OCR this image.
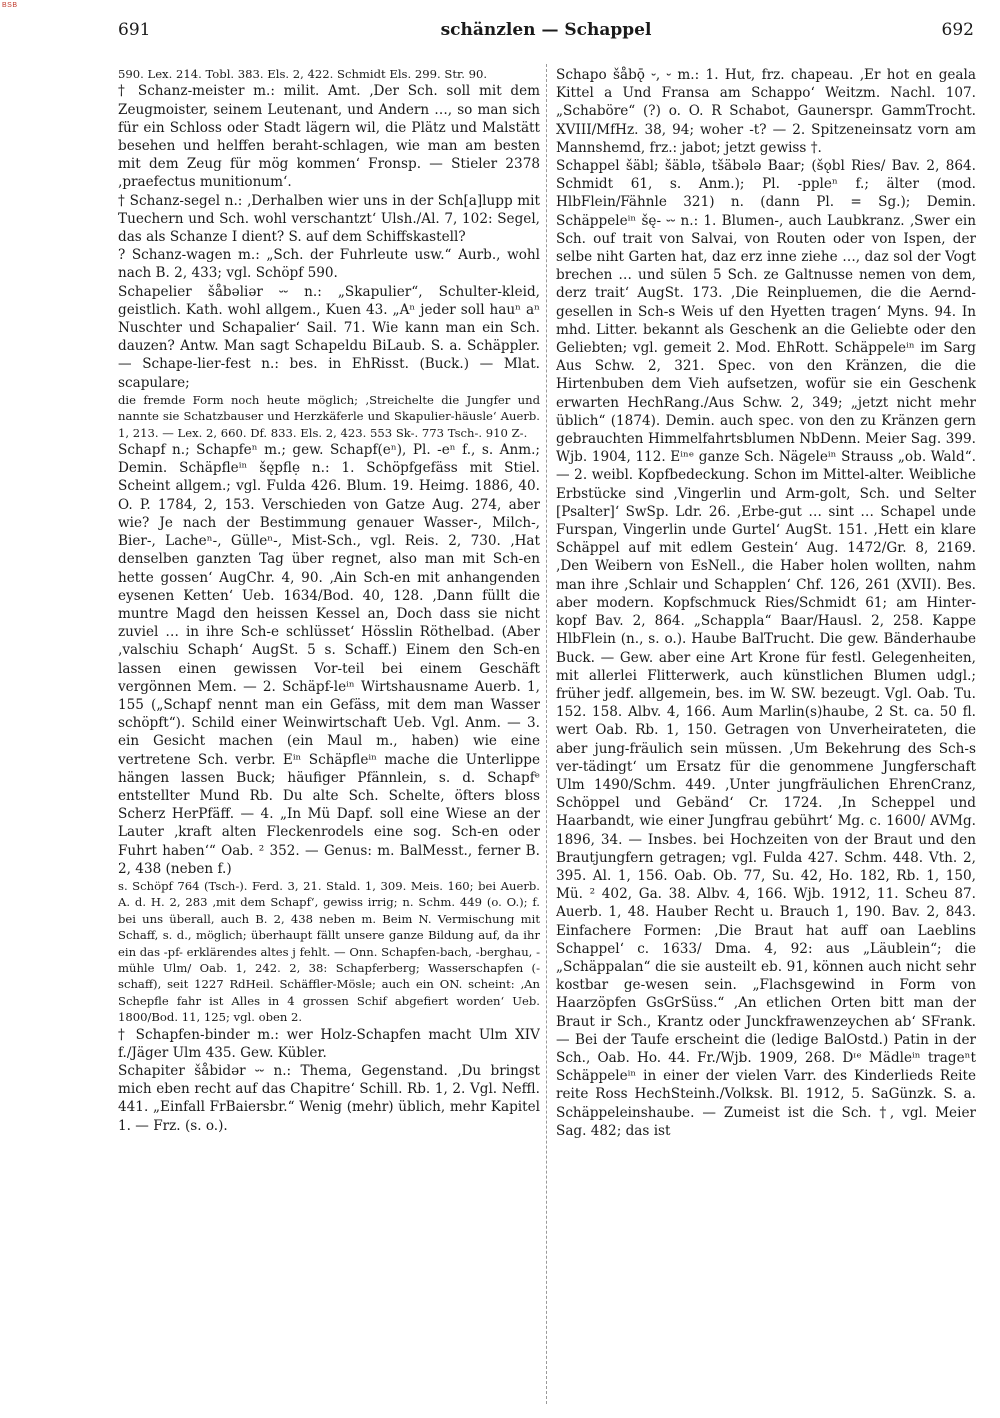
BSB
691	schänzlen — Schappel	692

590. Lex. 214. Tobl. 383. Els. 2, 422. Schmidt Els. 299. Str. 90.

† Schanz-meister m.: milit. Amt. ‚Der Sch. soll mit dem Zeugmoister, seinem Leutenant, und Andern …, so man sich für ein Schloss oder Stadt lägern wil, die Plätz und Malstätt besehen und helffen beraht-schlagen, wie man am besten mit dem Zeug für mög kommen‘ Fronsp. — Stieler 2378 ‚praefectus munitionum‘.

† Schanz-segel n.: ‚Derhalben wier uns in der Sch[a]lupp mit Tuechern und Sch. wohl verschantzt‘ Ulsh./Al. 7, 102: Segel, das als Schanze I dient? S. auf dem Schiffskastell?

? Schanz-wagen m.: „Sch. der Fuhrleute usw.“ Aurb., wohl nach B. 2, 433; vgl. Schöpf 590.

Schapelier šåbəliər ⏑⏑ n.: „Skapulier“, Schulter-kleid, geistlich. Kath. wohl allgem., Kuen 43. „Aⁿ jeder soll hauⁿ aⁿ Nuschter und Schapalier‘ Sail. 71. Wie kann man ein Sch. dauzen? Antw. Man sagt Schapeldu BiLaub. S. a. Schäppler. — Schape-lier-fest n.: bes. in EhRisst. (Buck.) — Mlat. scapulare;

die fremde Form noch heute möglich; ‚Streichelte die Jungfer und nannte sie Schatzbauser und Herzkäferle und Skapulier-häusle‘ Auerb. 1, 213. — Lex. 2, 660. Df. 833. Els. 2, 423. 553 Sk-. 773 Tsch-. 910 Z-.

Schapf n.; Schapfeⁿ m.; gew. Schapf(eⁿ), Pl. -eⁿ f., s. Anm.; Demin. Schäpfleⁱⁿ šępflẹ n.: 1. Schöpfgefäss mit Stiel. Scheint allgem.; vgl. Fulda 426. Blum. 19. Heimg. 1886, 40. O. P. 1784, 2, 153. Verschieden von Gatze Aug. 274, aber wie? Je nach der Bestimmung genauer Wasser-, Milch-, Bier-, Lacheⁿ-, Gülleⁿ-, Mist-Sch., vgl. Reis. 2, 730. ‚Hat denselben ganzten Tag über regnet, also man mit Sch-en hette gossen‘ AugChr. 4, 90. ‚Ain Sch-en mit anhangenden eysenen Ketten‘ Ueb. 1634/Bod. 40, 128. ‚Dann füllt die muntre Magd den heissen Kessel an, Doch dass sie nicht zuviel … in ihre Sch-e schlüsset‘ Hösslin Röthelbad. (Aber ‚valschiu Schaph‘ AugSt. 5 s. Schaff.) Einem den Sch-en lassen einen gewissen Vor-teil bei einem Geschäft vergönnen Mem. — 2. Schäpf-leⁱⁿ Wirtshausname Auerb. 1, 155 („Schapf nennt man ein Gefäss, mit dem man Wasser schöpft“). Schild einer Weinwirtschaft Ueb. Vgl. Anm. — 3. ein Gesicht machen (ein Maul m., haben) wie eine vertretene Sch. verbr. Eⁱⁿ Schäpfleⁱⁿ mache die Unterlippe hängen lassen Buck; häufiger Pfännlein, s. d. Schapfᵉ entstellter Mund Rb. Du alte Sch. Schelte, öfters bloss Scherz HerPfäff. — 4. „In Mü Dapf. soll eine Wiese an der Lauter ‚kraft alten Fleckenrodels eine sog. Sch-en oder Fuhrt haben‘“ Oab. ² 352. — Genus: m. BalMesst., ferner B. 2, 438 (neben f.)

s. Schöpf 764 (Tsch-). Ferd. 3, 21. Stald. 1, 309. Meis. 160; bei Auerb. A. d. H. 2, 283 ‚mit dem Schapf‘, gewiss irrig; n. Schm. 449 (o. O.); f. bei uns überall, auch B. 2, 438 neben m. Beim N. Vermischung mit Schaff, s. d., möglich; überhaupt fällt unsere ganze Bildung auf, da ihr ein das -pf- erklärendes altes j fehlt. — Onn. Schapfen-bach, -berghau, -mühle Ulm/ Oab. 1, 242. 2, 38: Schapferberg; Wasserschapfen (-schaff), seit 1227 RdHeil. Schäffler-Mösle; auch ein ON. scheint: ‚An Schepfle fahr ist Alles in 4 grossen Schif abgefiert worden‘ Ueb. 1800/Bod. 11, 125; vgl. oben 2.

† Schapfen-binder m.: wer Holz-Schapfen macht Ulm XIV f./Jäger Ulm 435. Gew. Kübler.

Schapiter šåbidər ⏑⏑ n.: Thema, Gegenstand. ‚Du bringst mich eben recht auf das Chapitre‘ Schill. Rb. 1, 2. Vgl. Neffl. 441. „Einfall FrBaiersbr.“ Wenig (mehr) üblich, mehr Kapitel 1. — Frz. (s. o.).

Schapo šåbǭ ⏑, ⏑ m.: 1. Hut, frz. chapeau. ‚Er hot en geala Kittel a Und Fransa am Schappo‘ Weitzm. Nachl. 107. „Schaböre“ (?) o. O. R Schabot, Gaunerspr. GammTrocht. XVIII/MfHz. 38, 94; woher -t? — 2. Spitzeneinsatz vorn am Mannshemd, frz.: jabot; jetzt gewiss †.

Schappel šäbl; šäblə, tšäbələ Baar; (šǫbl Ries/ Bav. 2, 864. Schmidt 61, s. Anm.); Pl. -ppleⁿ f.; älter (mod. HlbFlein/Fähnle 321) n. (dann Pl. = Sg.); Demin. Schäppeleⁱⁿ šę- ⏑⏑ n.: 1. Blumen-, auch Laubkranz. ‚Swer ein Sch. ouf trait von Salvai, von Routen oder von Ispen, der selbe niht Garten hat, daz erz inne ziehe …, daz sol der Vogt brechen … und sülen 5 Sch. ze Galtnusse nemen von dem, derz trait‘ AugSt. 173. ‚Die Reinpluemen, die die Aernd-gesellen in Sch-s Weis uf den Hyetten tragen‘ Myns. 94. In mhd. Litter. bekannt als Geschenk an die Geliebte oder den Geliebten; vgl. gemeit 2. Mod. EhRott. Schäppeleⁱⁿ im Sarg Aus Schw. 2, 321. Spec. von den Kränzen, die die Hirtenbuben dem Vieh aufsetzen, wofür sie ein Geschenk erwarten HechRang./Aus Schw. 2, 349; „jetzt nicht mehr üblich“ (1874). Demin. auch spec. von den zu Kränzen gern gebrauchten Himmelfahrtsblumen NbDenn. Meier Sag. 399. Wjb. 1904, 112. Eⁱⁿᵉ ganze Sch. Nägeleⁱⁿ Strauss „ob. Wald“. — 2. weibl. Kopfbedeckung. Schon im Mittel-alter. Weibliche Erbstücke sind ‚Vingerlin und Arm-golt, Sch. und Selter [Psalter]‘ SwSp. Ldr. 26. ‚Erbe-gut … sint … Schapel unde Furspan, Vingerlin unde Gurtel‘ AugSt. 151. ‚Hett ein klare Schäppel auf mit edlem Gestein‘ Aug. 1472/Gr. 8, 2169. ‚Den Weibern von EsNell., die Haber holen wollten, nahm man ihre ‚Schlair und Schapplen‘ Chf. 126, 261 (XVII). Bes. aber modern. Kopfschmuck Ries/Schmidt 61; am Hinter-kopf Bav. 2, 864. „Schappla“ Baar/Hausl. 2, 258. Kappe HlbFlein (n., s. o.). Haube BalTrucht. Die gew. Bänderhaube Buck. — Gew. aber eine Art Krone für festl. Gelegenheiten, mit allerlei Flitterwerk, auch künstlichen Blumen udgl.; früher jedf. allgemein, bes. im W. SW. bezeugt. Vgl. Oab. Tu. 152. 158. Albv. 4, 166. Aum Marlin(s)haube, 2 St. ca. 50 fl. wert Oab. Rb. 1, 150. Getragen von Unverheirateten, die aber jung-fräulich sein müssen. ‚Um Bekehrung des Sch-s ver-tädingt‘ um Ersatz für die genommene Jungferschaft Ulm 1490/Schm. 449. ‚Unter jungfräulichen EhrenCranz, Schöppel und Gebänd‘ Cr. 1724. ‚In Scheppel und Haarbandt, wie einer Jungfrau gebührt‘ Mg. c. 1600/ AVMg. 1896, 34. — Insbes. bei Hochzeiten von der Braut und den Brautjungfern getragen; vgl. Fulda 427. Schm. 448. Vth. 2, 395. Al. 1, 156. Oab. Ob. 77, Su. 42, Ho. 182, Rb. 1, 150, Mü. ² 402, Ga. 38. Albv. 4, 166. Wjb. 1912, 11. Scheu 87. Auerb. 1, 48. Hauber Recht u. Brauch 1, 190. Bav. 2, 843. Einfachere Formen: ‚Die Braut hat auff oan Laeblins Schappel‘ c. 1633/ Dma. 4, 92: aus „Läublein“; die „Schäppalan“ die sie austeilt eb. 91, können auch nicht sehr kostbar ge-wesen sein. „Flachsgewind in Form von Haarzöpfen GsGrSüss.“ ‚An etlichen Orten bitt man der Braut ir Sch., Krantz oder Junckfrawenzeychen ab‘ SFrank. — Bei der Taufe erscheint die (ledige BalOstd.) Patin in der Sch., Oab. Ho. 44. Fr./Wjb. 1909, 268. Dᶦᵉ Mädleⁱⁿ trageⁿt Schäppeleⁱⁿ in einer der vielen Varr. des Kinderlieds Reite reite Ross HechSteinh./Volksk. Bl. 1912, 5. SaGünzk. S. a. Schäppeleinshaube. — Zumeist ist die Sch. †, vgl. Meier Sag. 482; das ist
